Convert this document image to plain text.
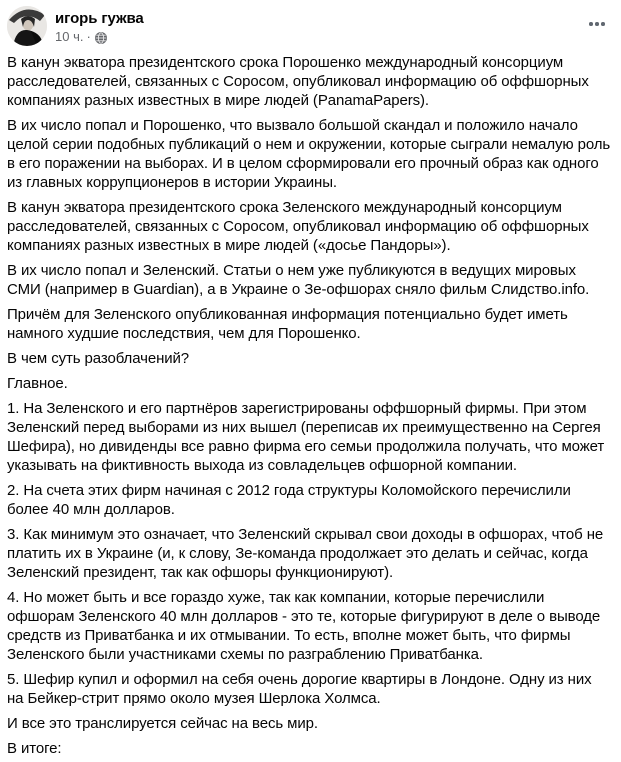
игорь гужва
10 ч. ·

В канун экватора президентского срока Порошенко международный консорциум расследователей, связанных с Соросом, опубликовал информацию об оффшорных компаниях разных известных в мире людей (PanamaPapers).

В их число попал и Порошенко, что вызвало большой скандал и положило начало целой серии подобных публикаций о нем и окружении, которые сыграли немалую роль в его поражении на выборах. И в целом сформировали его прочный образ как одного из главных коррупционеров в истории Украины.

В канун экватора президентского срока Зеленского международный консорциум расследователей, связанных с Соросом, опубликовал информацию об оффшорных компаниях разных известных в мире людей («досье Пандоры»).

В их число попал и Зеленский. Статьи о нем уже публикуются в ведущих мировых СМИ (например в Guardian), а в Украине о Зе-офшорах сняло фильм Слидство.info.

Причём для Зеленского опубликованная информация потенциально будет иметь намного худшие последствия, чем для Порошенко.

В чем суть разоблачений?

Главное.

1. На Зеленского и его партнёров зарегистрированы оффшорный фирмы. При этом Зеленский перед выборами из них вышел (переписав их преимущественно на Сергея Шефира), но дивиденды все равно фирма его семьи продолжила получать, что может указывать на фиктивность выхода из совладельцев офшорной компании.

2. На счета этих фирм начиная с 2012 года структуры Коломойского перечислили более 40 млн долларов.

3. Как минимум это означает, что Зеленский скрывал свои доходы в офшорах, чтоб не платить их в Украине (и, к слову, Зе-команда продолжает это делать и сейчас, когда Зеленский президент, так как офшоры функционируют).

4. Но может быть и все гораздо хуже, так как компании, которые перечислили офшорам Зеленского 40 млн долларов - это те, которые фигурируют в деле о выводе средств из Приватбанка и их отмывании. То есть, вполне может быть, что фирмы Зеленского были участниками схемы по разграблению Приватбанка.

5. Шефир купил и оформил на себя очень дорогие квартиры в Лондоне. Одну из них на Бейкер-стрит прямо около музея Шерлока Холмса.

И все это транслируется сейчас на весь мир.

В итоге:
